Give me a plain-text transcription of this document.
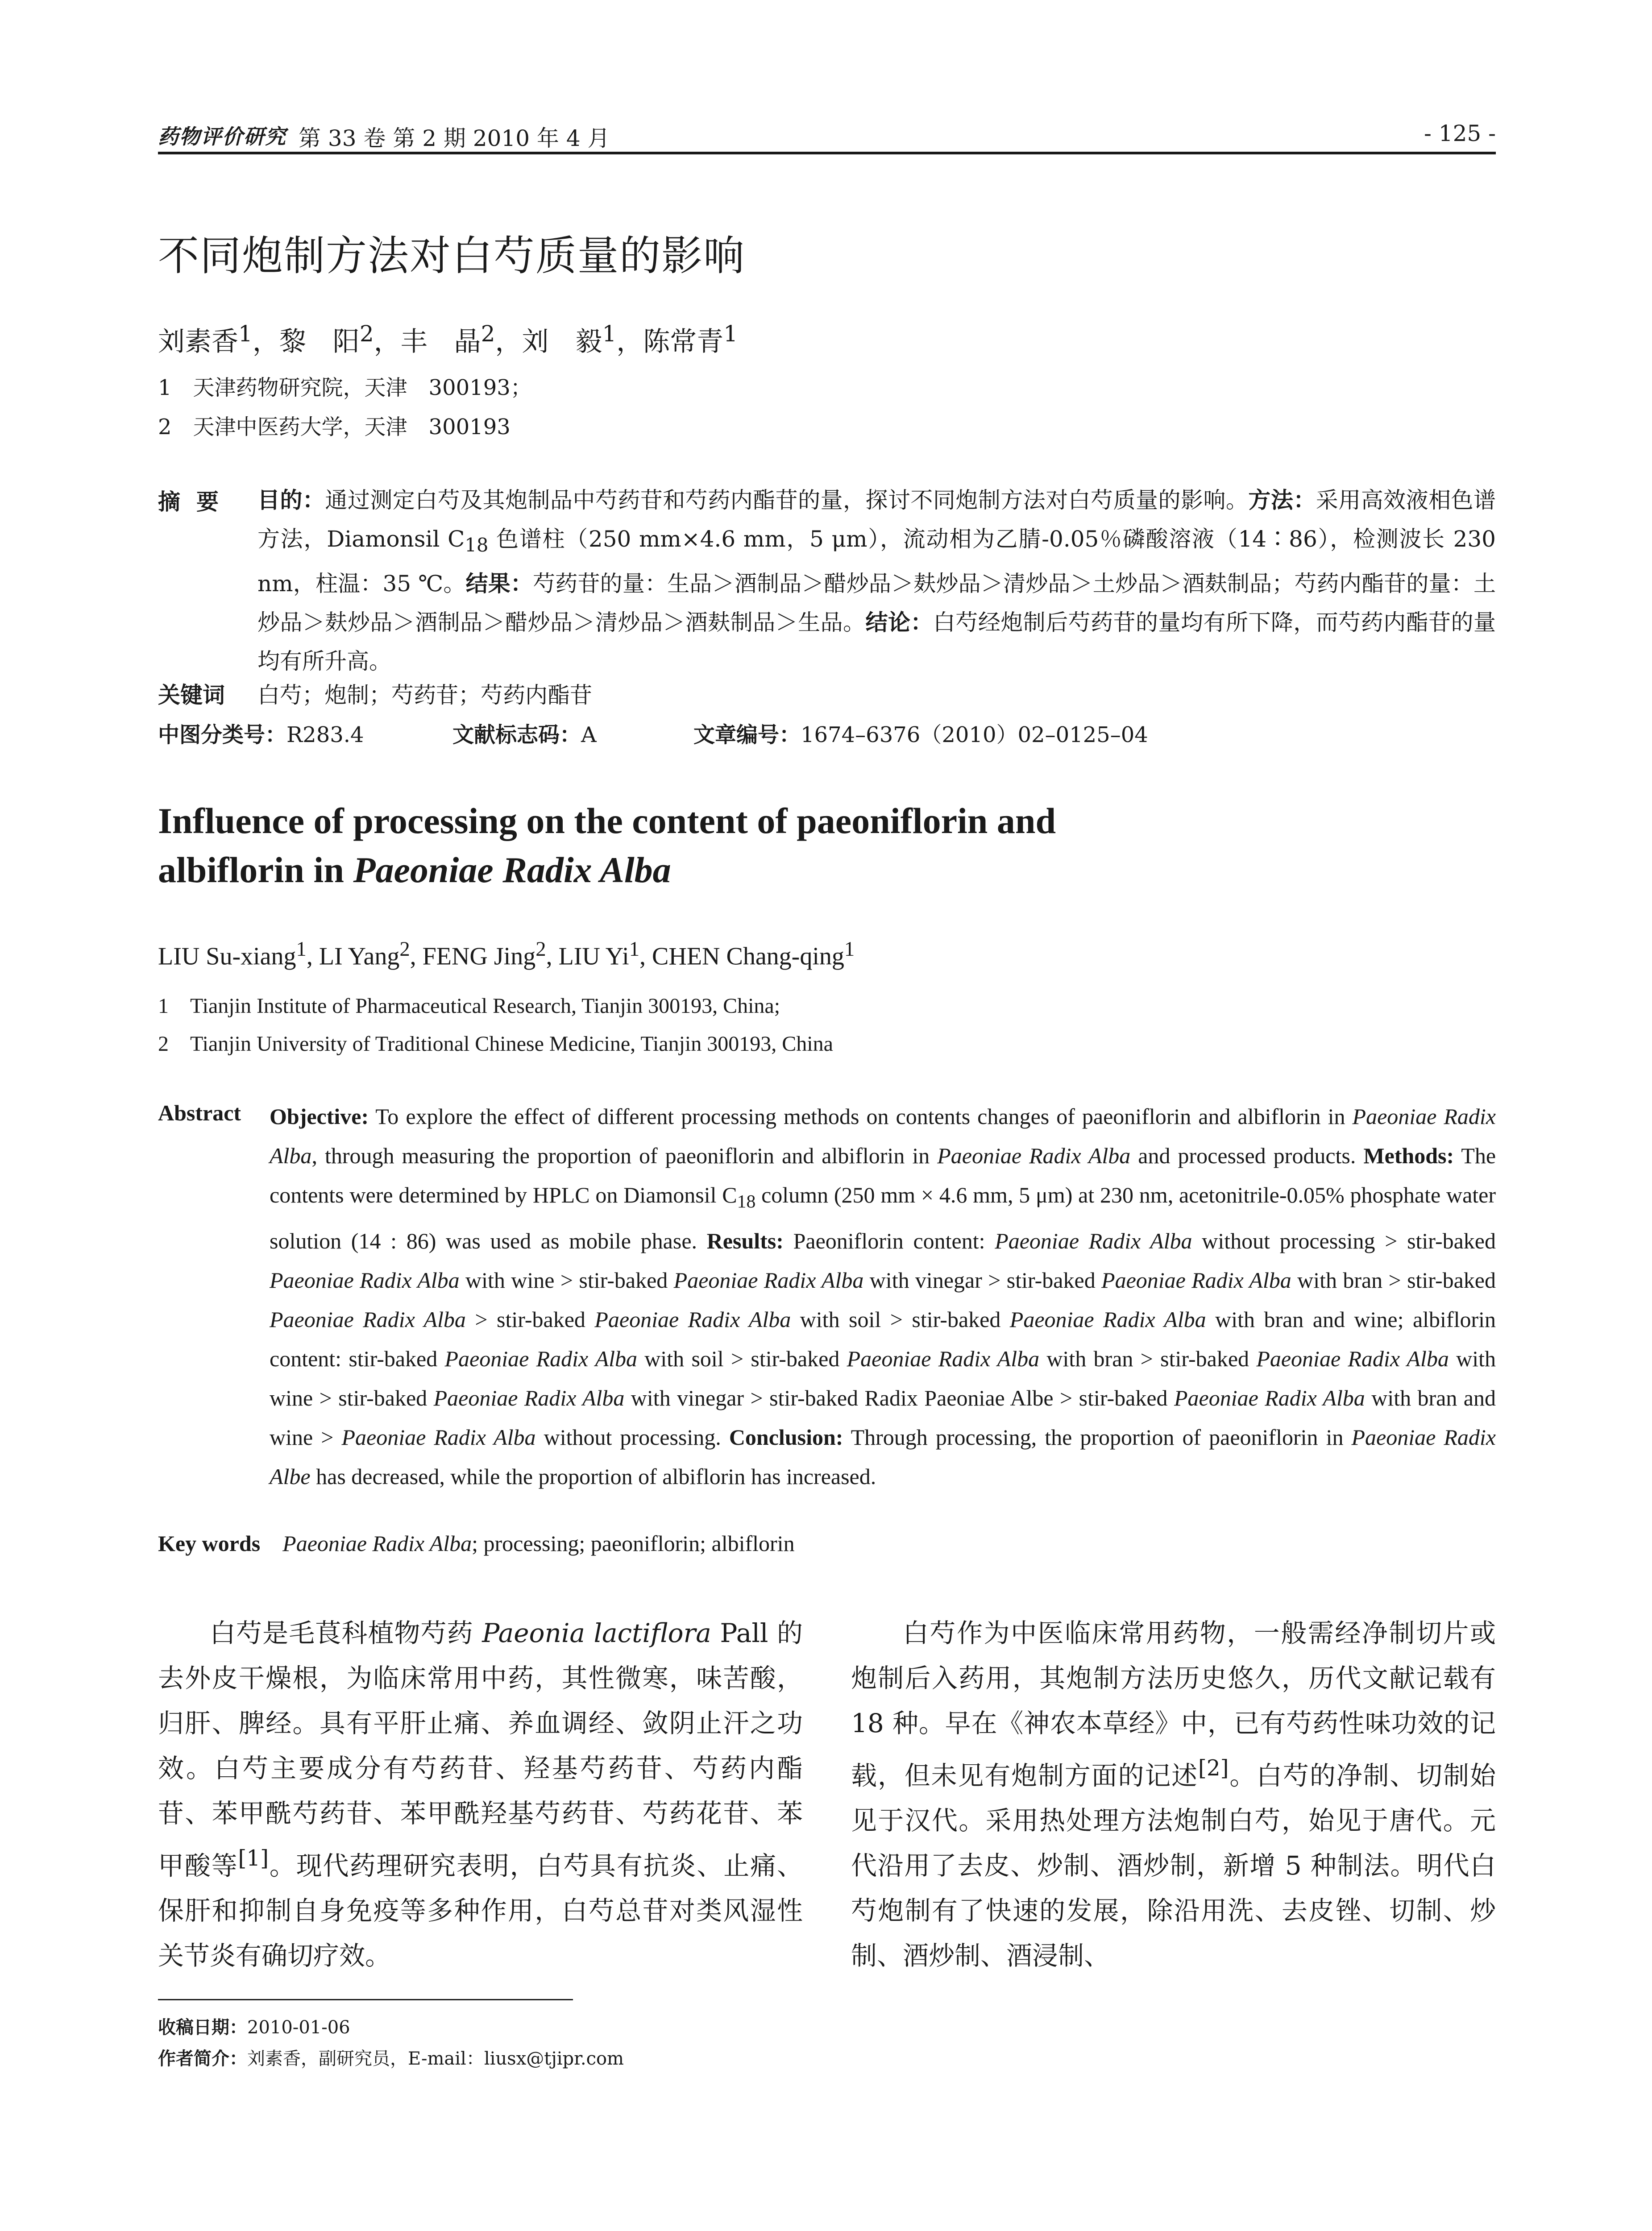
药物评价研究 第 33 卷 第 2 期 2010 年 4 月	- 125 -
不同炮制方法对白芍质量的影响
刘素香$^1$，黎　阳$^2$，丰　晶$^2$，刘　毅$^1$，陈常青$^1$
1　天津药物研究院，天津　300193；
2　天津中医药大学，天津　300193
摘要 目的：通过测定白芍及其炮制品中芍药苷和芍药内酯苷的量，探讨不同炮制方法对白芍质量的影响。方法：采用高效液相色谱方法，Diamonsil $C_{18}$ 色谱柱（250 mm×4.6 mm，5 μm），流动相为乙腈-0.05％磷酸溶液（14∶86），检测波长 230 nm，柱温：35 ℃。结果：芍药苷的量：生品＞酒制品＞醋炒品＞麸炒品＞清炒品＞土炒品＞酒麸制品；芍药内酯苷的量：土炒品＞麸炒品＞酒制品＞醋炒品＞清炒品＞酒麸制品＞生品。结论：白芍经炮制后芍药苷的量均有所下降，而芍药内酯苷的量均有所升高。
关键词 白芍；炮制；芍药苷；芍药内酯苷
中图分类号：R283.4	文献标志码：A	文章编号：1674–6376（2010）02–0125–04
Influence of processing on the content of paeoniflorin and
albiflorin in Paeoniae Radix Alba
LIU Su-xiang$^1$, LI Yang$^2$, FENG Jing$^2$, LIU Yi$^1$, CHEN Chang-qing$^1$
1　Tianjin Institute of Pharmaceutical Research, Tianjin 300193, China;
2　Tianjin University of Traditional Chinese Medicine, Tianjin 300193, China
Abstract Objective: To explore the effect of different processing methods on contents changes of paeoniflorin and albiflorin in Paeoniae Radix Alba, through measuring the proportion of paeoniflorin and albiflorin in Paeoniae Radix Alba and processed products. Methods: The contents were determined by HPLC on Diamonsil $C_{18}$ column (250 mm × 4.6 mm, 5 μm) at 230 nm, acetonitrile-0.05% phosphate water solution (14 : 86) was used as mobile phase. Results: Paeoniflorin content: Paeoniae Radix Alba without processing > stir-baked Paeoniae Radix Alba with wine > stir-baked Paeoniae Radix Alba with vinegar > stir-baked Paeoniae Radix Alba with bran > stir-baked Paeoniae Radix Alba > stir-baked Paeoniae Radix Alba with soil > stir-baked Paeoniae Radix Alba with bran and wine; albiflorin content: stir-baked Paeoniae Radix Alba with soil > stir-baked Paeoniae Radix Alba with bran > stir-baked Paeoniae Radix Alba with wine > stir-baked Paeoniae Radix Alba with vinegar > stir-baked Radix Paeoniae Albe > stir-baked Paeoniae Radix Alba with bran and wine > Paeoniae Radix Alba without processing. Conclusion: Through processing, the proportion of paeoniflorin in Paeoniae Radix Albe has decreased, while the proportion of albiflorin has increased.
Key words Paeoniae Radix Alba; processing; paeoniflorin; albiflorin

白芍是毛茛科植物芍药 Paeonia lactiflora Pall 的去外皮干燥根，为临床常用中药，其性微寒，味苦酸，归肝、脾经。具有平肝止痛、养血调经、敛阴止汗之功效。白芍主要成分有芍药苷、羟基芍药苷、芍药内酯苷、苯甲酰芍药苷、苯甲酰羟基芍药苷、芍药花苷、苯甲酸等[1]。现代药理研究表明，白芍具有抗炎、止痛、保肝和抑制自身免疫等多种作用，白芍总苷对类风湿性关节炎有确切疗效。

白芍作为中医临床常用药物，一般需经净制切片或炮制后入药用，其炮制方法历史悠久，历代文献记载有 18 种。早在《神农本草经》中，已有芍药性味功效的记载，但未见有炮制方面的记述[2]。白芍的净制、切制始见于汉代。采用热处理方法炮制白芍，始见于唐代。元代沿用了去皮、炒制、酒炒制，新增 5 种制法。明代白芍炮制有了快速的发展，除沿用洗、去皮锉、切制、炒制、酒炒制、酒浸制、

收稿日期：2010-01-06
作者简介：刘素香，副研究员，E-mail：liusx@tjipr.com
